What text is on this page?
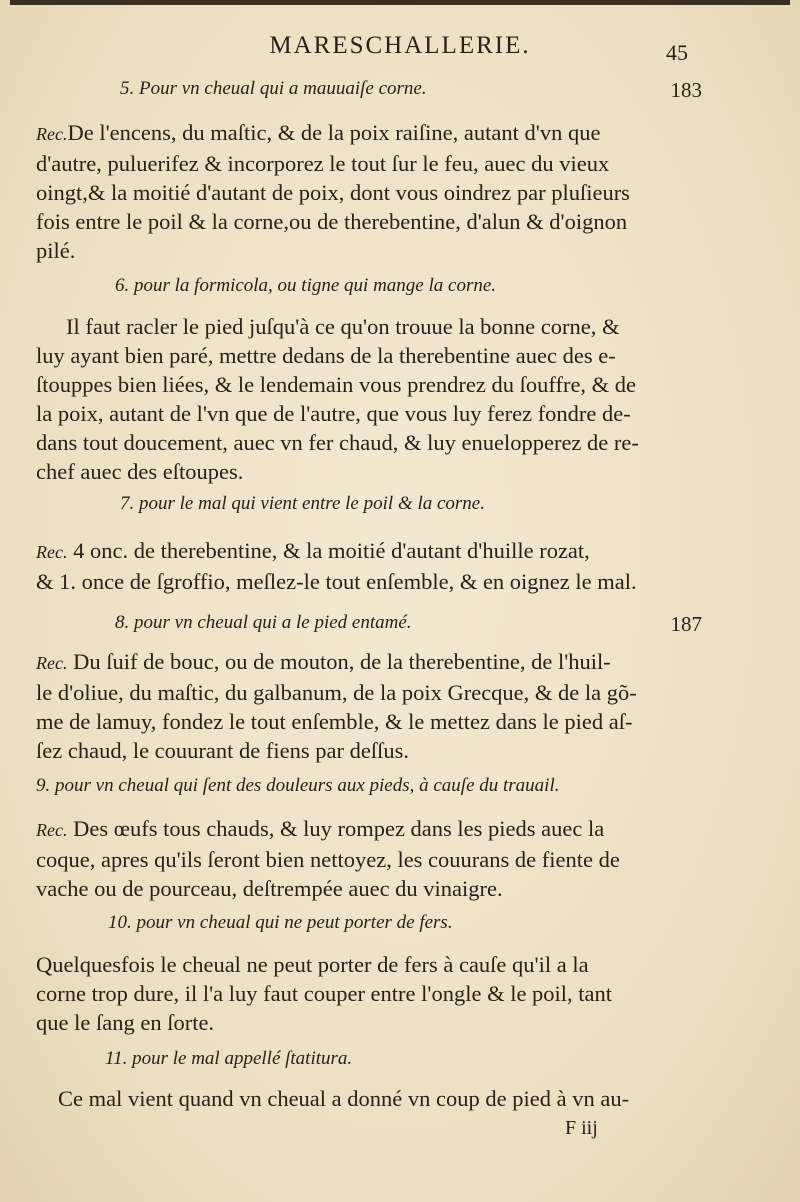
MARESCHALLERIE.	45
5. Pour vn cheual qui a mauuaiſe corne.	183
Rec.De l'encens, du maſtic, & de la poix raiſine, autant d'vn que
d'autre, puluerifez & incorporez le tout ſur le feu, auec du vieux
oingt,& la moitié d'autant de poix, dont vous oindrez par pluſieurs
fois entre le poil & la corne,ou de therebentine, d'alun & d'oignon
pilé.
6. pour la formicola, ou tigne qui mange la corne.
Il faut racler le pied juſqu'à ce qu'on trouue la bonne corne, &
luy ayant bien paré, mettre dedans de la therebentine auec des e-
ſtouppes bien liées, & le lendemain vous prendrez du ſouffre, & de
la poix, autant de l'vn que de l'autre, que vous luy ferez fondre de-
dans tout doucement, auec vn fer chaud, & luy enuelopperez de re-
chef auec des eſtoupes.
7. pour le mal qui vient entre le poil & la corne.
Rec. 4 onc. de therebentine, & la moitié d'autant d'huille rozat,
& 1. once de ſgroffio, meſlez-le tout enſemble, & en oignez le mal.
8. pour vn cheual qui a le pied entamé.	187
Rec. Du ſuif de bouc, ou de mouton, de la therebentine, de l'huil-
le d'oliue, du maſtic, du galbanum, de la poix Grecque, & de la gõ-
me de lamuy, fondez le tout enſemble, & le mettez dans le pied aſ-
ſez chaud, le couurant de fiens par deſſus.
9. pour vn cheual qui ſent des douleurs aux pieds, à cauſe du trauail.
Rec. Des œufs tous chauds, & luy rompez dans les pieds auec la
coque, apres qu'ils ſeront bien nettoyez, les couurans de fiente de
vache ou de pourceau, deſtrempée auec du vinaigre.
10. pour vn cheual qui ne peut porter de fers.
Quelquesfois le cheual ne peut porter de fers à cauſe qu'il a la
corne trop dure, il l'a luy faut couper entre l'ongle & le poil, tant
que le ſang en ſorte.
11. pour le mal appellé ſtatitura.
Ce mal vient quand vn cheual a donné vn coup de pied à vn au-
F iij
